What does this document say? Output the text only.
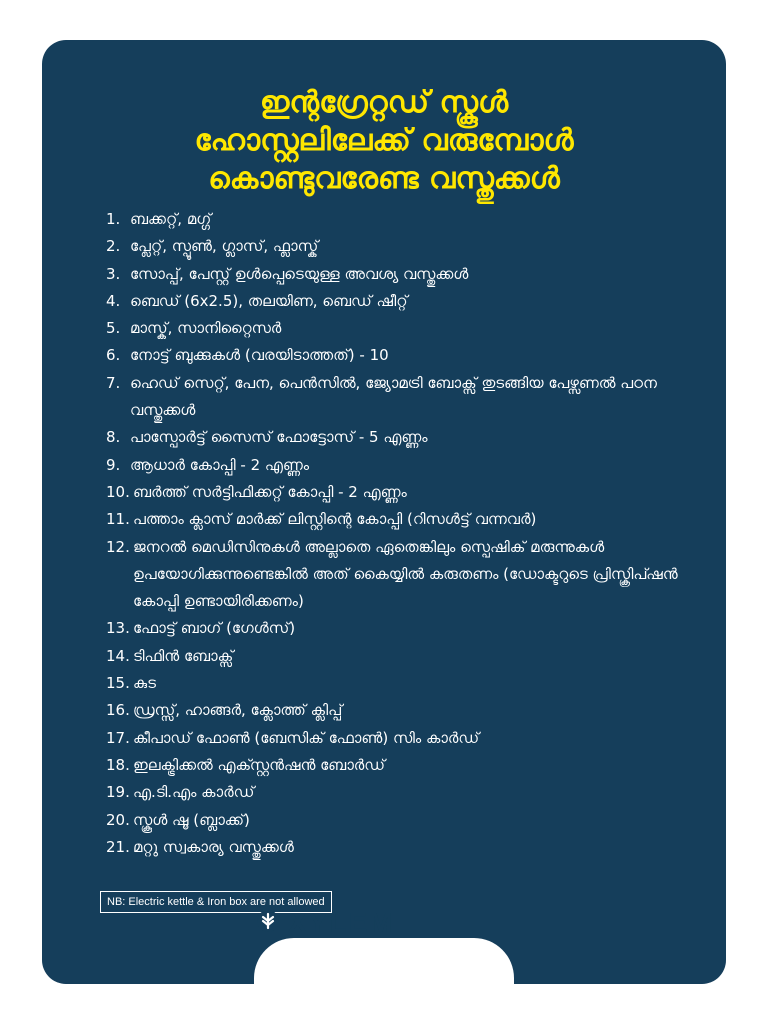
ഇന്റഗ്രേറ്റഡ് സ്കൂൾ
ഹോസ്റ്റലിലേക്ക് വരുമ്പോൾ
കൊണ്ടുവരേണ്ട വസ്തുക്കൾ
1. ബക്കറ്റ്, മഗ്ഗ്
2. പ്ലേറ്റ്, സ്പൂൺ, ഗ്ലാസ്, ഫ്ലാസ്ക്
3. സോപ്പ്, പേസ്റ്റ് ഉൾപ്പെടെയുള്ള അവശ്യ വസ്തുക്കൾ
4. ബെഡ് (6x2.5), തലയിണ, ബെഡ് ഷീറ്റ്
5. മാസ്ക്, സാനിറ്റൈസർ
6. നോട്ട് ബുക്കുകൾ (വരയിടാത്തത്) - 10
7. ഹെഡ് സെറ്റ്, പേന, പെൻസിൽ, ജ്യോമട്രി ബോക്സ് തുടങ്ങിയ പേഴ്സണൽ പഠന വസ്തുക്കൾ
8. പാസ്പോർട്ട് സൈസ് ഫോട്ടോസ് - 5 എണ്ണം
9. ആധാർ കോപ്പി - 2 എണ്ണം
10. ബർത്ത് സർട്ടിഫിക്കറ്റ് കോപ്പി - 2 എണ്ണം
11. പത്താം ക്ലാസ് മാർക്ക് ലിസ്റ്റിന്റെ കോപ്പി (റിസൾട്ട് വന്നവർ)
12. ജനറൽ മെഡിസിനുകൾ അല്ലാതെ ഏതെങ്കിലും സ്പെഷിക് മരുന്നുകൾ ഉപയോഗിക്കുന്നുണ്ടെങ്കിൽ അത് കൈയ്യിൽ കരുതണം (ഡോക്ടറുടെ പ്രിസ്ക്രിപ്ഷൻ കോപ്പി ഉണ്ടായിരിക്കണം)
13. ഫോട്ട് ബാഗ് (ഗേൾസ്)
14. ടിഫിൻ ബോക്സ്
15. കുട
16. ഡ്രസ്സ്, ഹാങ്ങർ, ക്ലോത്ത് ക്ലിപ്പ്
17. കീപാഡ് ഫോൺ (ബേസിക് ഫോൺ) സിം കാർഡ്
18. ഇലക്ട്രിക്കൽ എക്സ്റ്റൻഷൻ ബോർഡ്
19. എ.ടി.എം കാർഡ്
20. സ്കൂൾ ഷൂ (ബ്ലാക്ക്)
21. മറ്റു സ്വകാര്യ വസ്തുക്കൾ
NB: Electric kettle & Iron box are not allowed
XYLEM
